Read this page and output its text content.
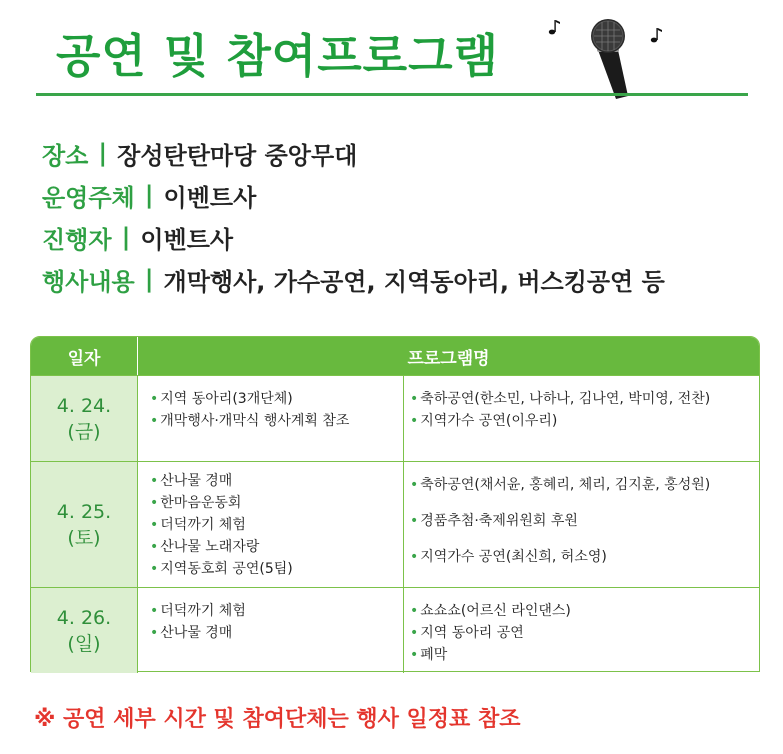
공연 및 참여프로그램
장소 | 장성탄탄마당 중앙무대
운영주체 | 이벤트사
진행자 | 이벤트사
행사내용 | 개막행사, 가수공연, 지역동아리, 버스킹공연 등
일자	프로그램명
4. 24.
(금)
• 지역 동아리(3개단체)
• 개막행사·개막식 행사계획 참조
• 축하공연(한소민, 나하나, 김나연, 박미영, 전찬)
• 지역가수 공연(이우리)
4. 25.
(토)
• 산나물 경매
• 한마음운동회
• 더덕까기 체험
• 산나물 노래자랑
• 지역동호회 공연(5팀)
• 축하공연(채서윤, 홍혜리, 체리, 김지훈, 홍성원)
• 경품추첨·축제위원회 후원
• 지역가수 공연(최신희, 허소영)
4. 26.
(일)
• 더덕까기 체험
• 산나물 경매
• 쇼쇼쇼(어르신 라인댄스)
• 지역 동아리 공연
• 폐막
※ 공연 세부 시간 및 참여단체는 행사 일정표 참조
